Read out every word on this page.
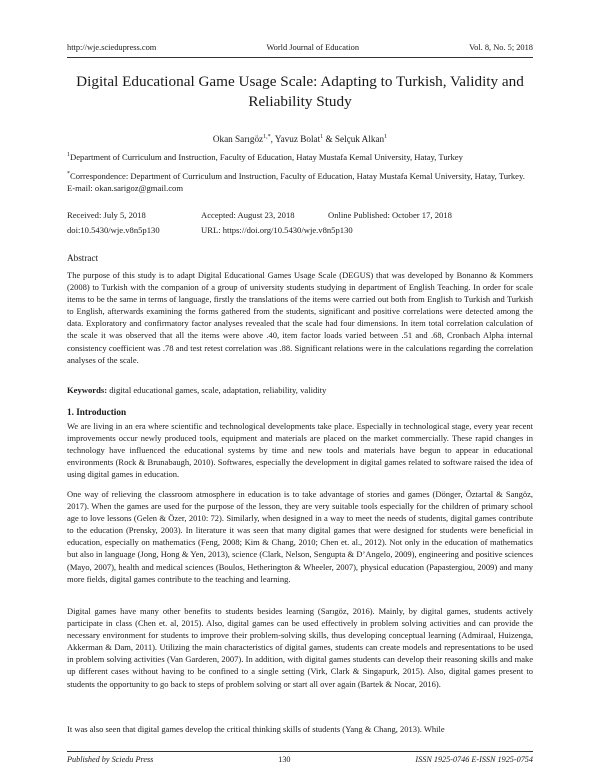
http://wje.sciedupress.com	World Journal of Education	Vol. 8, No. 5; 2018
Digital Educational Game Usage Scale: Adapting to Turkish, Validity and Reliability Study
Okan Sarıgöz$^{1,*}$, Yavuz Bolat$^1$ & Selçuk Alkan$^1$
$^1$Department of Curriculum and Instruction, Faculty of Education, Hatay Mustafa Kemal University, Hatay, Turkey
*Correspondence: Department of Curriculum and Instruction, Faculty of Education, Hatay Mustafa Kemal University, Hatay, Turkey. E-mail: okan.sarigoz@gmail.com
Received: July 5, 2018	Accepted: August 23, 2018	Online Published: October 17, 2018
doi:10.5430/wje.v8n5p130	URL: https://doi.org/10.5430/wje.v8n5p130
Abstract
The purpose of this study is to adapt Digital Educational Games Usage Scale (DEGUS) that was developed by Bonanno & Kommers (2008) to Turkish with the companion of a group of university students studying in department of English Teaching. In order for scale items to be the same in terms of language, firstly the translations of the items were carried out both from English to Turkish and Turkish to English, afterwards examining the forms gathered from the students, significant and positive correlations were detected among the data. Exploratory and confirmatory factor analyses revealed that the scale had four dimensions. In item total correlation calculation of the scale it was observed that all the items were above .40, item factor loads varied between .51 and .68, Cronbach Alpha internal consistency coefficient was .78 and test retest correlation was .88. Significant relations were in the calculations regarding the correlation analyses of the scale.
Keywords: digital educational games, scale, adaptation, reliability, validity
1. Introduction
We are living in an era where scientific and technological developments take place. Especially in technological stage, every year recent improvements occur newly produced tools, equipment and materials are placed on the market commercially. These rapid changes in technology have influenced the educational systems by time and new tools and materials have begun to appear in educational environments (Rock & Brunabaugh, 2010). Softwares, especially the development in digital games related to software raised the idea of using digital games in education.
One way of relieving the classroom atmosphere in education is to take advantage of stories and games (Dönger, Öztartal & Sangöz, 2017). When the games are used for the purpose of the lesson, they are very suitable tools especially for the children of primary school age to love lessons (Gelen & Özer, 2010: 72). Similarly, when designed in a way to meet the needs of students, digital games contribute to the education (Prensky, 2003). In literature it was seen that many digital games that were designed for students were beneficial in education, especially on mathematics (Feng, 2008; Kim & Chang, 2010; Chen et. al., 2012). Not only in the education of mathematics but also in language (Jong, Hong & Yen, 2013), science (Clark, Nelson, Sengupta & D’Angelo, 2009), engineering and positive sciences (Mayo, 2007), health and medical sciences (Boulos, Hetherington & Wheeler, 2007), physical education (Papastergiou, 2009) and many more fields, digital games contribute to the teaching and learning.
Digital games have many other benefits to students besides learning (Sarıgöz, 2016). Mainly, by digital games, students actively participate in class (Chen et. al, 2015). Also, digital games can be used effectively in problem solving activities and can provide the necessary environment for students to improve their problem-solving skills, thus developing conceptual learning (Admiraal, Huizenga, Akkerman & Dam, 2011). Utilizing the main characteristics of digital games, students can create models and representations to be used in problem solving activities (Van Garderen, 2007). In addition, with digital games students can develop their reasoning skills and make up different cases without having to be confined to a single setting (Virk, Clark & Singapurk, 2015). Also, digital games present to students the opportunity to go back to steps of problem solving or start all over again (Bartek & Nocar, 2016).
It was also seen that digital games develop the critical thinking skills of students (Yang & Chang, 2013). While
Published by Sciedu Press	130	ISSN 1925-0746 E-ISSN 1925-0754
